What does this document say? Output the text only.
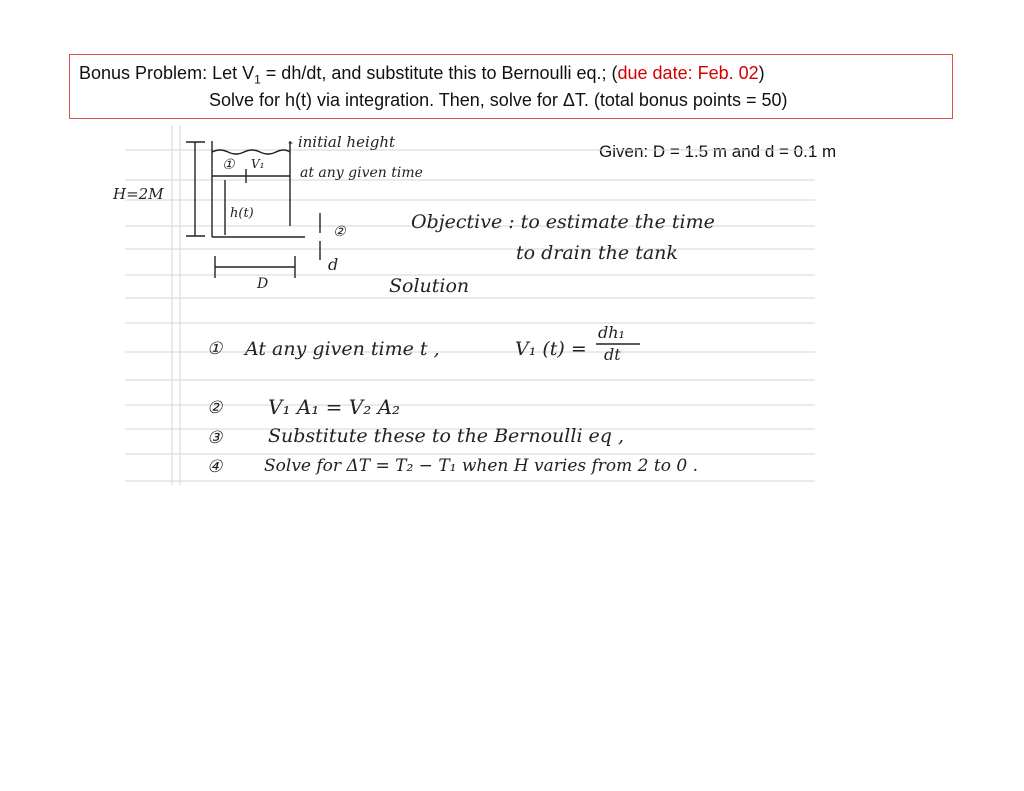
Bonus Problem: Let $V_1 = dh/dt$, and substitute this to Bernoulli eq.; (due date: Feb. 02)
Solve for h(t) via integration. Then, solve for ΔT. (total bonus points = 50)
Given: D = 1.5 m and d = 0.1 m
- initial height
at any given time
H=2M
① V₁
h(t)
②
d
D
Objective : to estimate the time
to drain the tank
Solution
① At any given time t ,	V₁ (t) =
dh₁
dt
② V₁ A₁ = V₂ A₂
③ Substitute these to the Bernoulli eq ,
④ Solve for ΔT = T₂ − T₁ when H varies from 2 to 0 .
